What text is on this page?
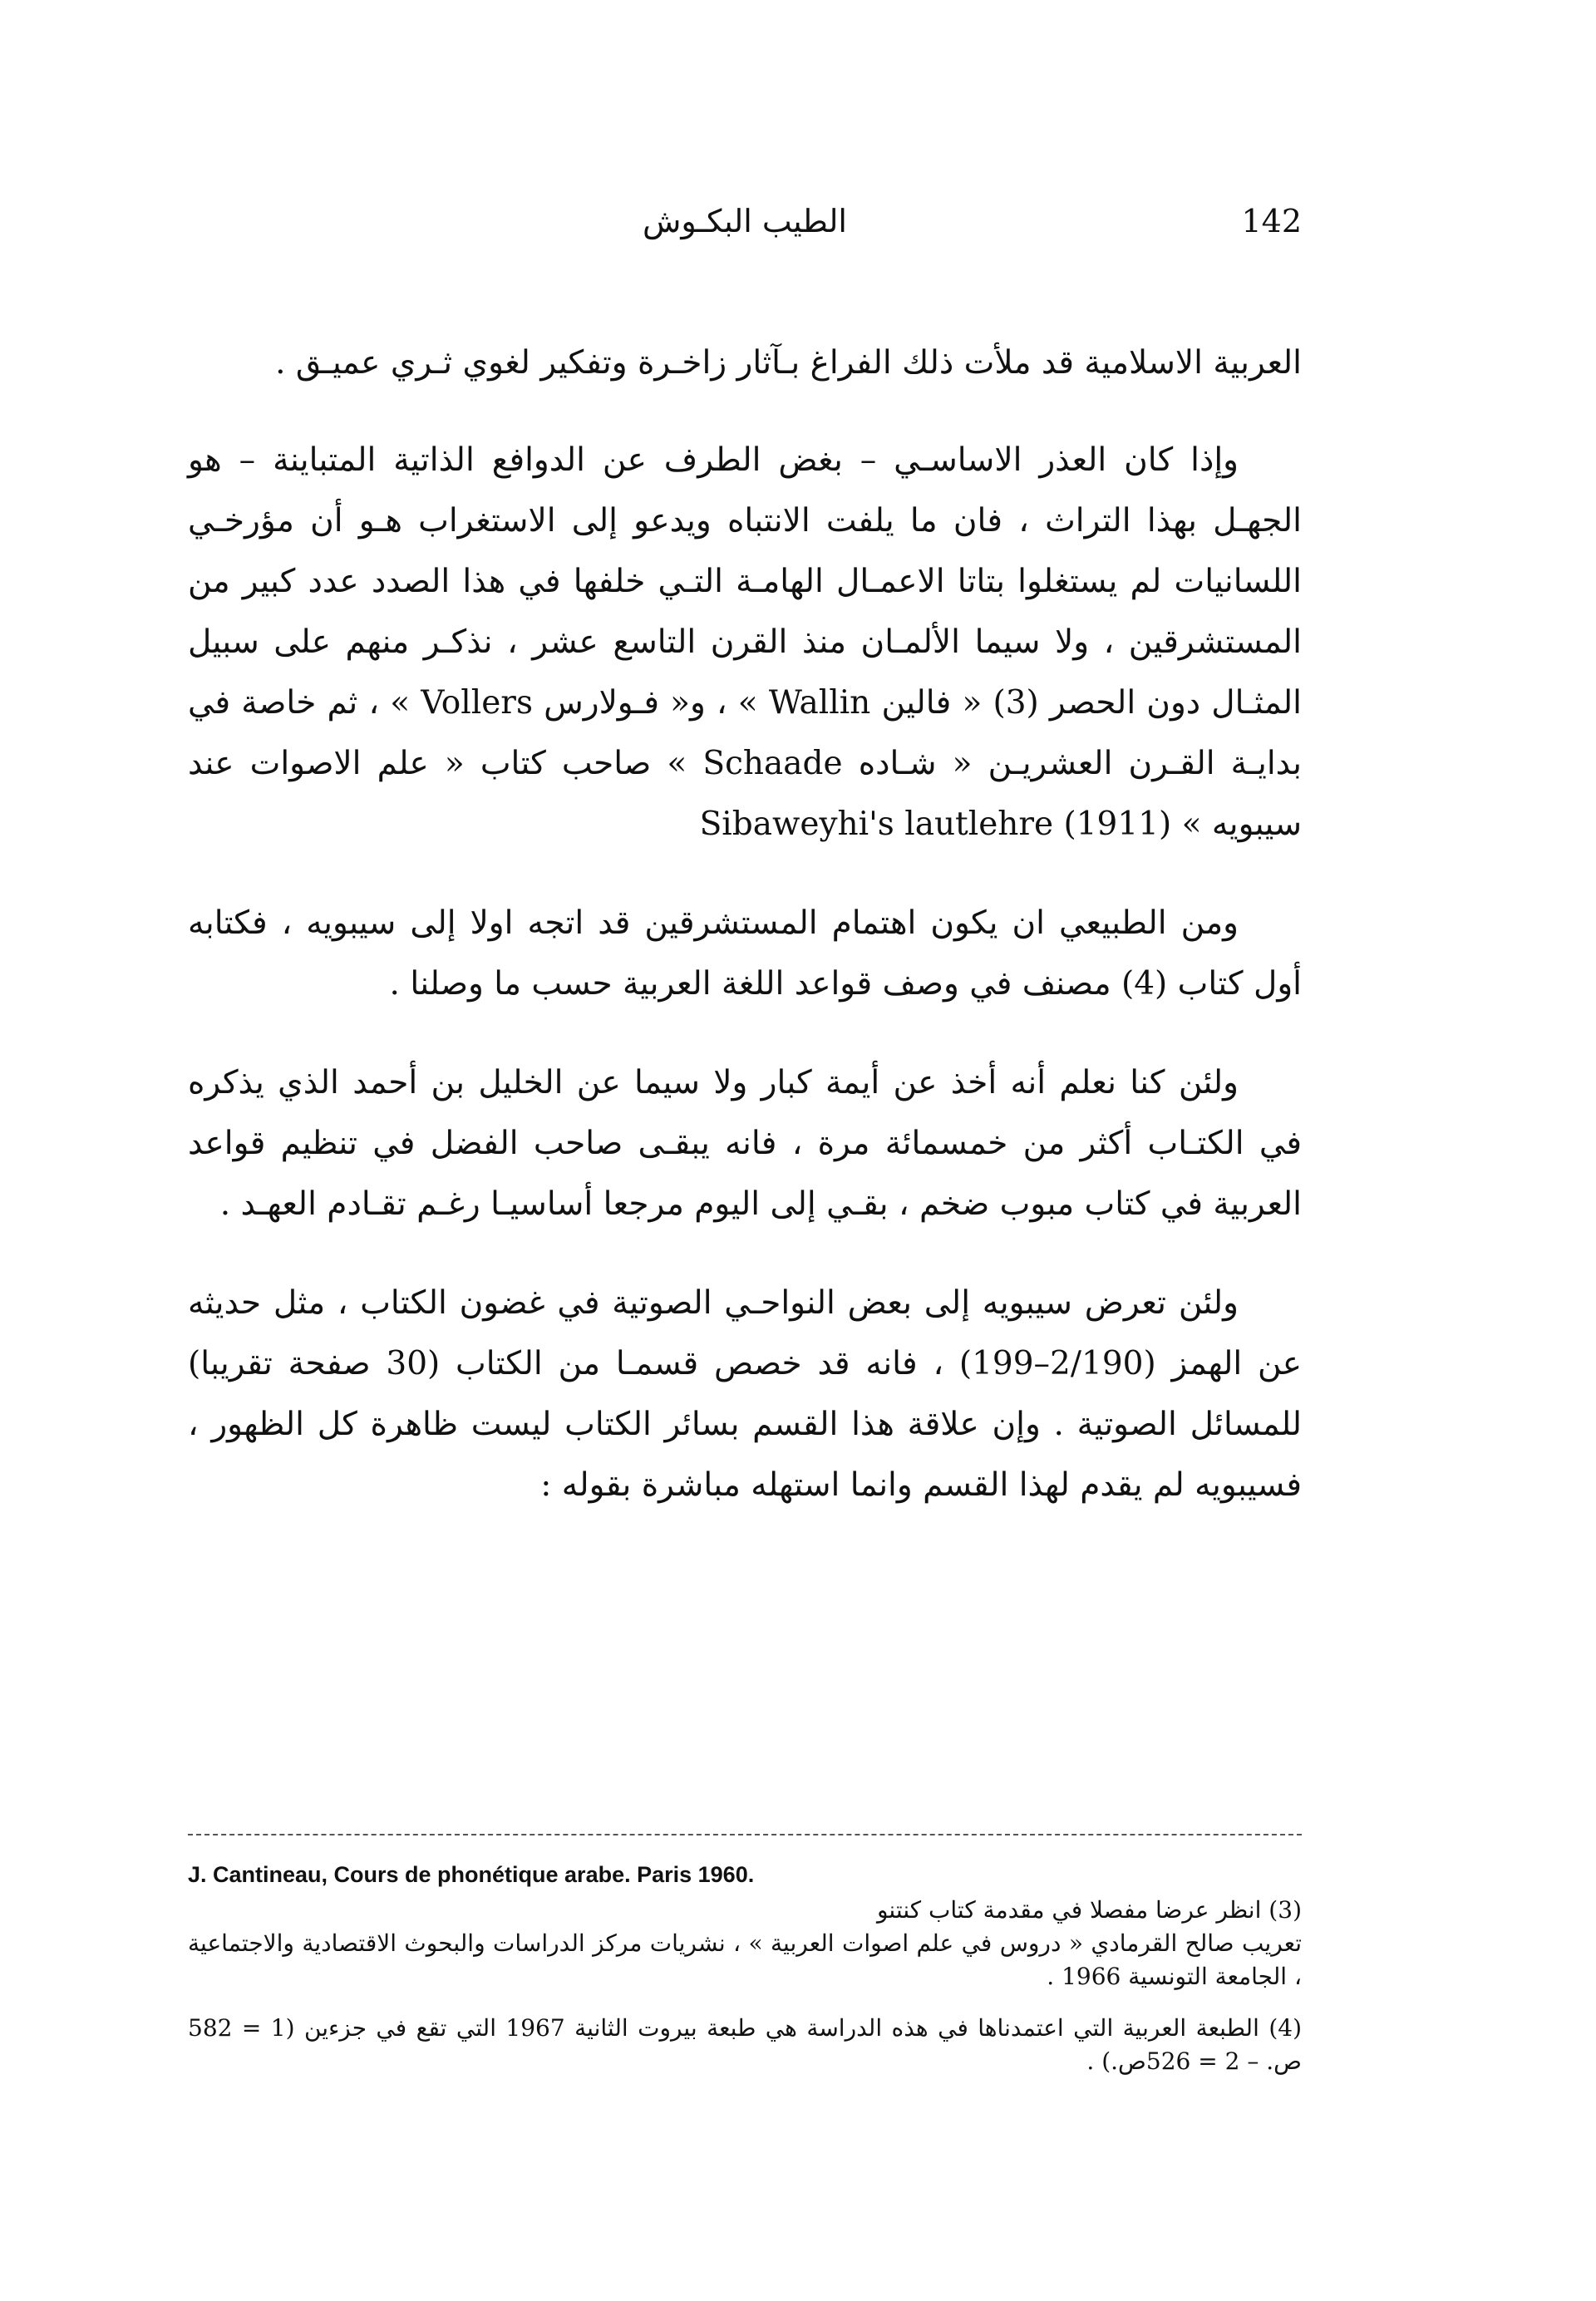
الطيب البكـوش	142

العربية الاسلامية قد ملأت ذلك الفراغ بـآثار زاخـرة وتفكير لغوي ثـري عميـق .

وإذا كان العذر الاساسـي – بغض الطرف عن الدوافع الذاتية المتباينة – هو الجهـل بهذا التراث ، فان ما يلفت الانتباه ويدعو إلى الاستغراب هـو أن مؤرخـي اللسانيات لم يستغلوا بتاتا الاعمـال الهامـة التـي خلفها في هذا الصدد عدد كبير من المستشرقين ، ولا سيما الألمـان منذ القرن التاسع عشر ، نذكـر منهم على سبيل المثـال دون الحصر (3) « فالين Wallin » ، و« فـولارس Vollers » ، ثم خاصة في بدايـة القـرن العشريـن « شـاده Schaade » صاحب كتاب « علم الاصوات عند سيبويه » Sibaweyhi's lautlehre (1911)

ومن الطبيعي ان يكون اهتمام المستشرقين قد اتجه اولا إلى سيبويه ، فكتابه أول كتاب (4) مصنف في وصف قواعد اللغة العربية حسب ما وصلنا .

ولئن كنا نعلم أنه أخذ عن أيمة كبار ولا سيما عن الخليل بن أحمد الذي يذكره في الكتـاب أكثر من خمسمائة مرة ، فانه يبقـى صاحب الفضل في تنظيم قواعد العربية في كتاب مبوب ضخم ، بقـي إلى اليوم مرجعا أساسيـا رغـم تقـادم العهـد .

ولئن تعرض سيبويه إلى بعض النواحـي الصوتية في غضون الكتاب ، مثل حديثه عن الهمز (2/190–199) ، فانه قد خصص قسمـا من الكتاب (30 صفحة تقريبا) للمسائل الصوتية . وإن علاقة هذا القسم بسائر الكتاب ليست ظاهرة كل الظهور ، فسيبويه لم يقدم لهذا القسم وانما استهله مباشرة بقوله :

J. Cantineau, Cours de phonétique arabe. Paris 1960.
(3) انظر عرضا مفصلا في مقدمة كتاب كنتنو
تعريب صالح القرمادي « دروس في علم اصوات العربية » ، نشريات مركز الدراسات والبحوث الاقتصادية والاجتماعية ، الجامعة التونسية 1966 .
(4) الطبعة العربية التي اعتمدناها في هذه الدراسة هي طبعة بيروت الثانية 1967 التي تقع في جزءين (1 = 582 ص. – 2 = 526ص.) .
